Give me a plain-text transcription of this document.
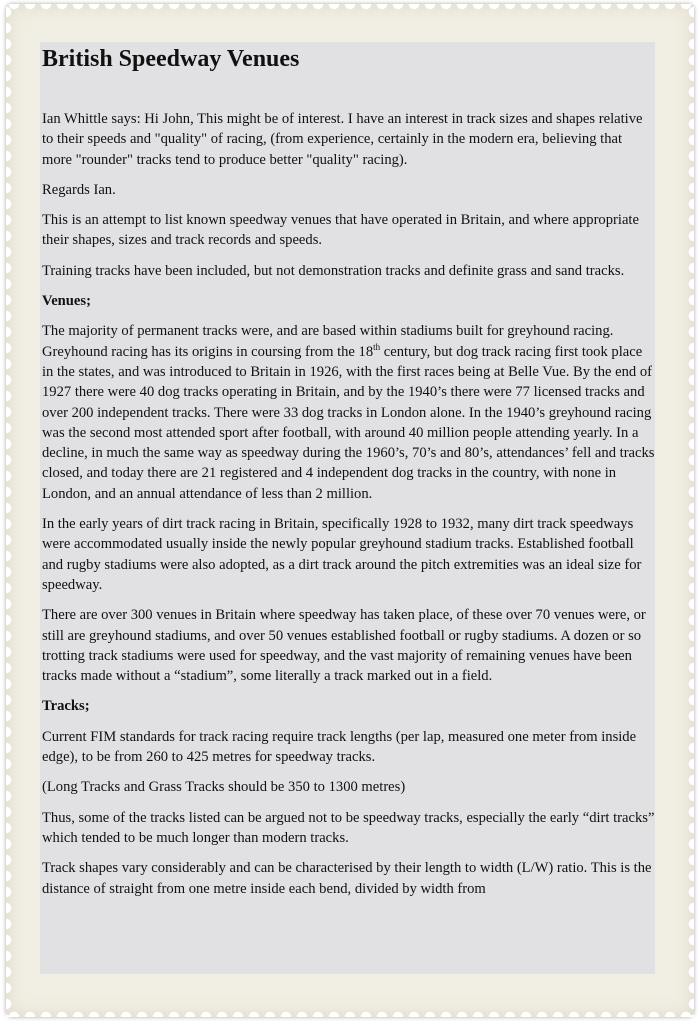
British Speedway Venues

Ian Whittle says: Hi John, This might be of interest. I have an interest in track sizes and shapes relative to their speeds and "quality" of racing, (from experience, certainly in the modern era, believing that more "rounder" tracks tend to produce better "quality" racing).

Regards Ian.

This is an attempt to list known speedway venues that have operated in Britain, and where appropriate their shapes, sizes and track records and speeds.

Training tracks have been included, but not demonstration tracks and definite grass and sand tracks.

Venues;

The majority of permanent tracks were, and are based within stadiums built for greyhound racing. Greyhound racing has its origins in coursing from the 18th century, but dog track racing first took place in the states, and was introduced to Britain in 1926, with the first races being at Belle Vue. By the end of 1927 there were 40 dog tracks operating in Britain, and by the 1940’s there were 77 licensed tracks and over 200 independent tracks. There were 33 dog tracks in London alone. In the 1940’s greyhound racing was the second most attended sport after football, with around 40 million people attending yearly. In a decline, in much the same way as speedway during the 1960’s, 70’s and 80’s, attendances’ fell and tracks closed, and today there are 21 registered and 4 independent dog tracks in the country, with none in London, and an annual attendance of less than 2 million.

In the early years of dirt track racing in Britain, specifically 1928 to 1932, many dirt track speedways were accommodated usually inside the newly popular greyhound stadium tracks. Established football and rugby stadiums were also adopted, as a dirt track around the pitch extremities was an ideal size for speedway.

There are over 300 venues in Britain where speedway has taken place, of these over 70 venues were, or still are greyhound stadiums, and over 50 venues established football or rugby stadiums. A dozen or so trotting track stadiums were used for speedway, and the vast majority of remaining venues have been tracks made without a “stadium”, some literally a track marked out in a field.

Tracks;

Current FIM standards for track racing require track lengths (per lap, measured one meter from inside edge), to be from 260 to 425 metres for speedway tracks.

(Long Tracks and Grass Tracks should be 350 to 1300 metres)

Thus, some of the tracks listed can be argued not to be speedway tracks, especially the early “dirt tracks” which tended to be much longer than modern tracks.

Track shapes vary considerably and can be characterised by their length to width (L/W) ratio. This is the distance of straight from one metre inside each bend, divided by width from
